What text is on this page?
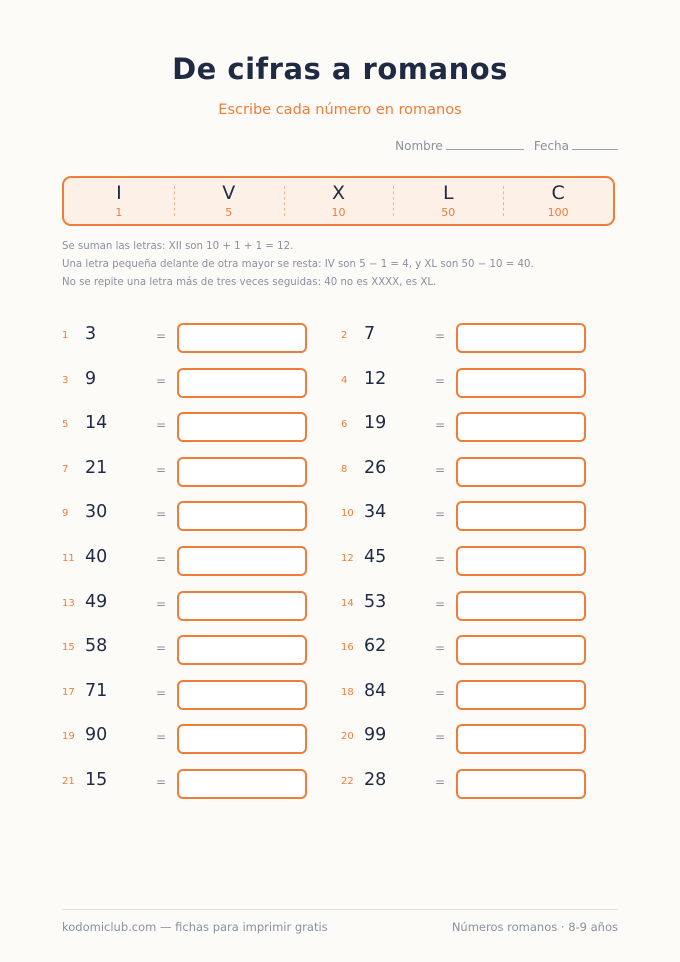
De cifras a romanos
Escribe cada número en romanos
Nombre	Fecha
I
1
V
5
X
10
L
50
C
100
Se suman las letras: XII son 10 + 1 + 1 = 12.
Una letra pequeña delante de otra mayor se resta: IV son 5 − 1 = 4, y XL son 50 − 10 = 40.
No se repite una letra más de tres veces seguidas: 40 no es XXXX, es XL.
1 3	=	2 7	=
3 9	=	4 12	=
5 14	=	6 19	=
7 21	=	8 26	=
9 30	=	10 34	=
11 40	=	12 45	=
13 49	=	14 53	=
15 58	=	16 62	=
17 71	=	18 84	=
19 90	=	20 99	=
21 15	=	22 28	=
kodomiclub.com — fichas para imprimir gratis	Números romanos · 8-9 años
